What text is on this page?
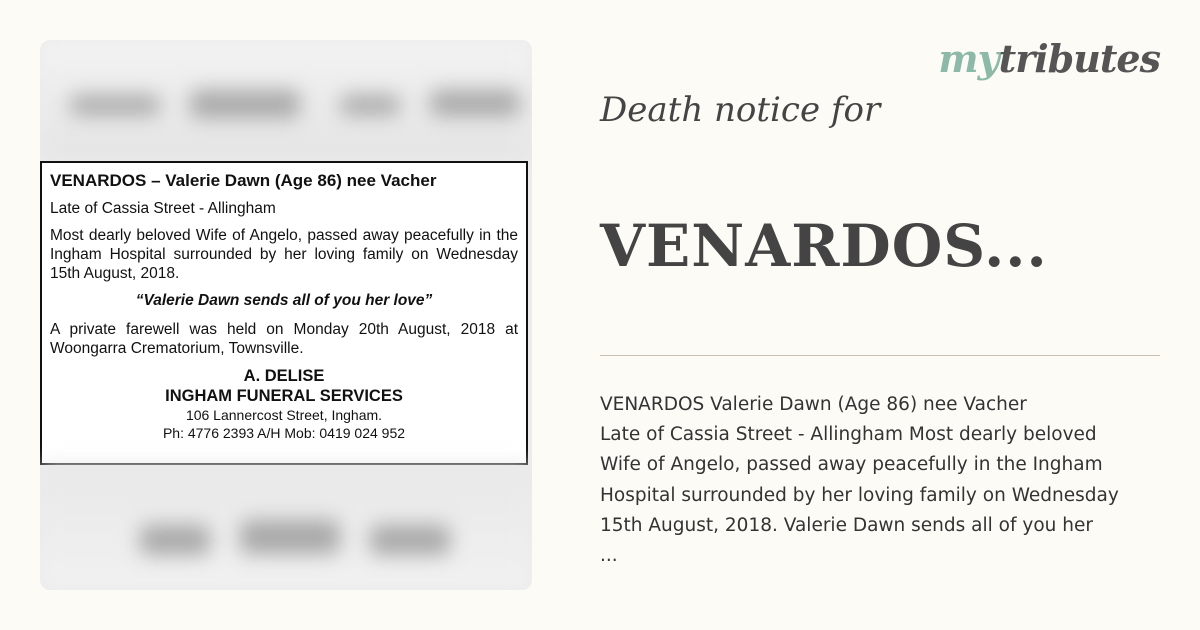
VENARDOS – Valerie Dawn (Age 86) nee Vacher
Late of Cassia Street - Allingham
Most dearly beloved Wife of Angelo, passed away peacefully in the Ingham Hospital surrounded by her loving family on Wednesday 15th August, 2018.
“Valerie Dawn sends all of you her love”
A private farewell was held on Monday 20th August, 2018 at Woongarra Crematorium, Townsville.
A. DELISE
INGHAM FUNERAL SERVICES
106 Lannercost Street, Ingham.
Ph: 4776 2393 A/H Mob: 0419 024 952
mytributes
Death notice for
VENARDOS...
VENARDOS Valerie Dawn (Age 86) nee Vacher
Late of Cassia Street - Allingham Most dearly beloved
Wife of Angelo, passed away peacefully in the Ingham
Hospital surrounded by her loving family on Wednesday
15th August, 2018. Valerie Dawn sends all of you her
...
